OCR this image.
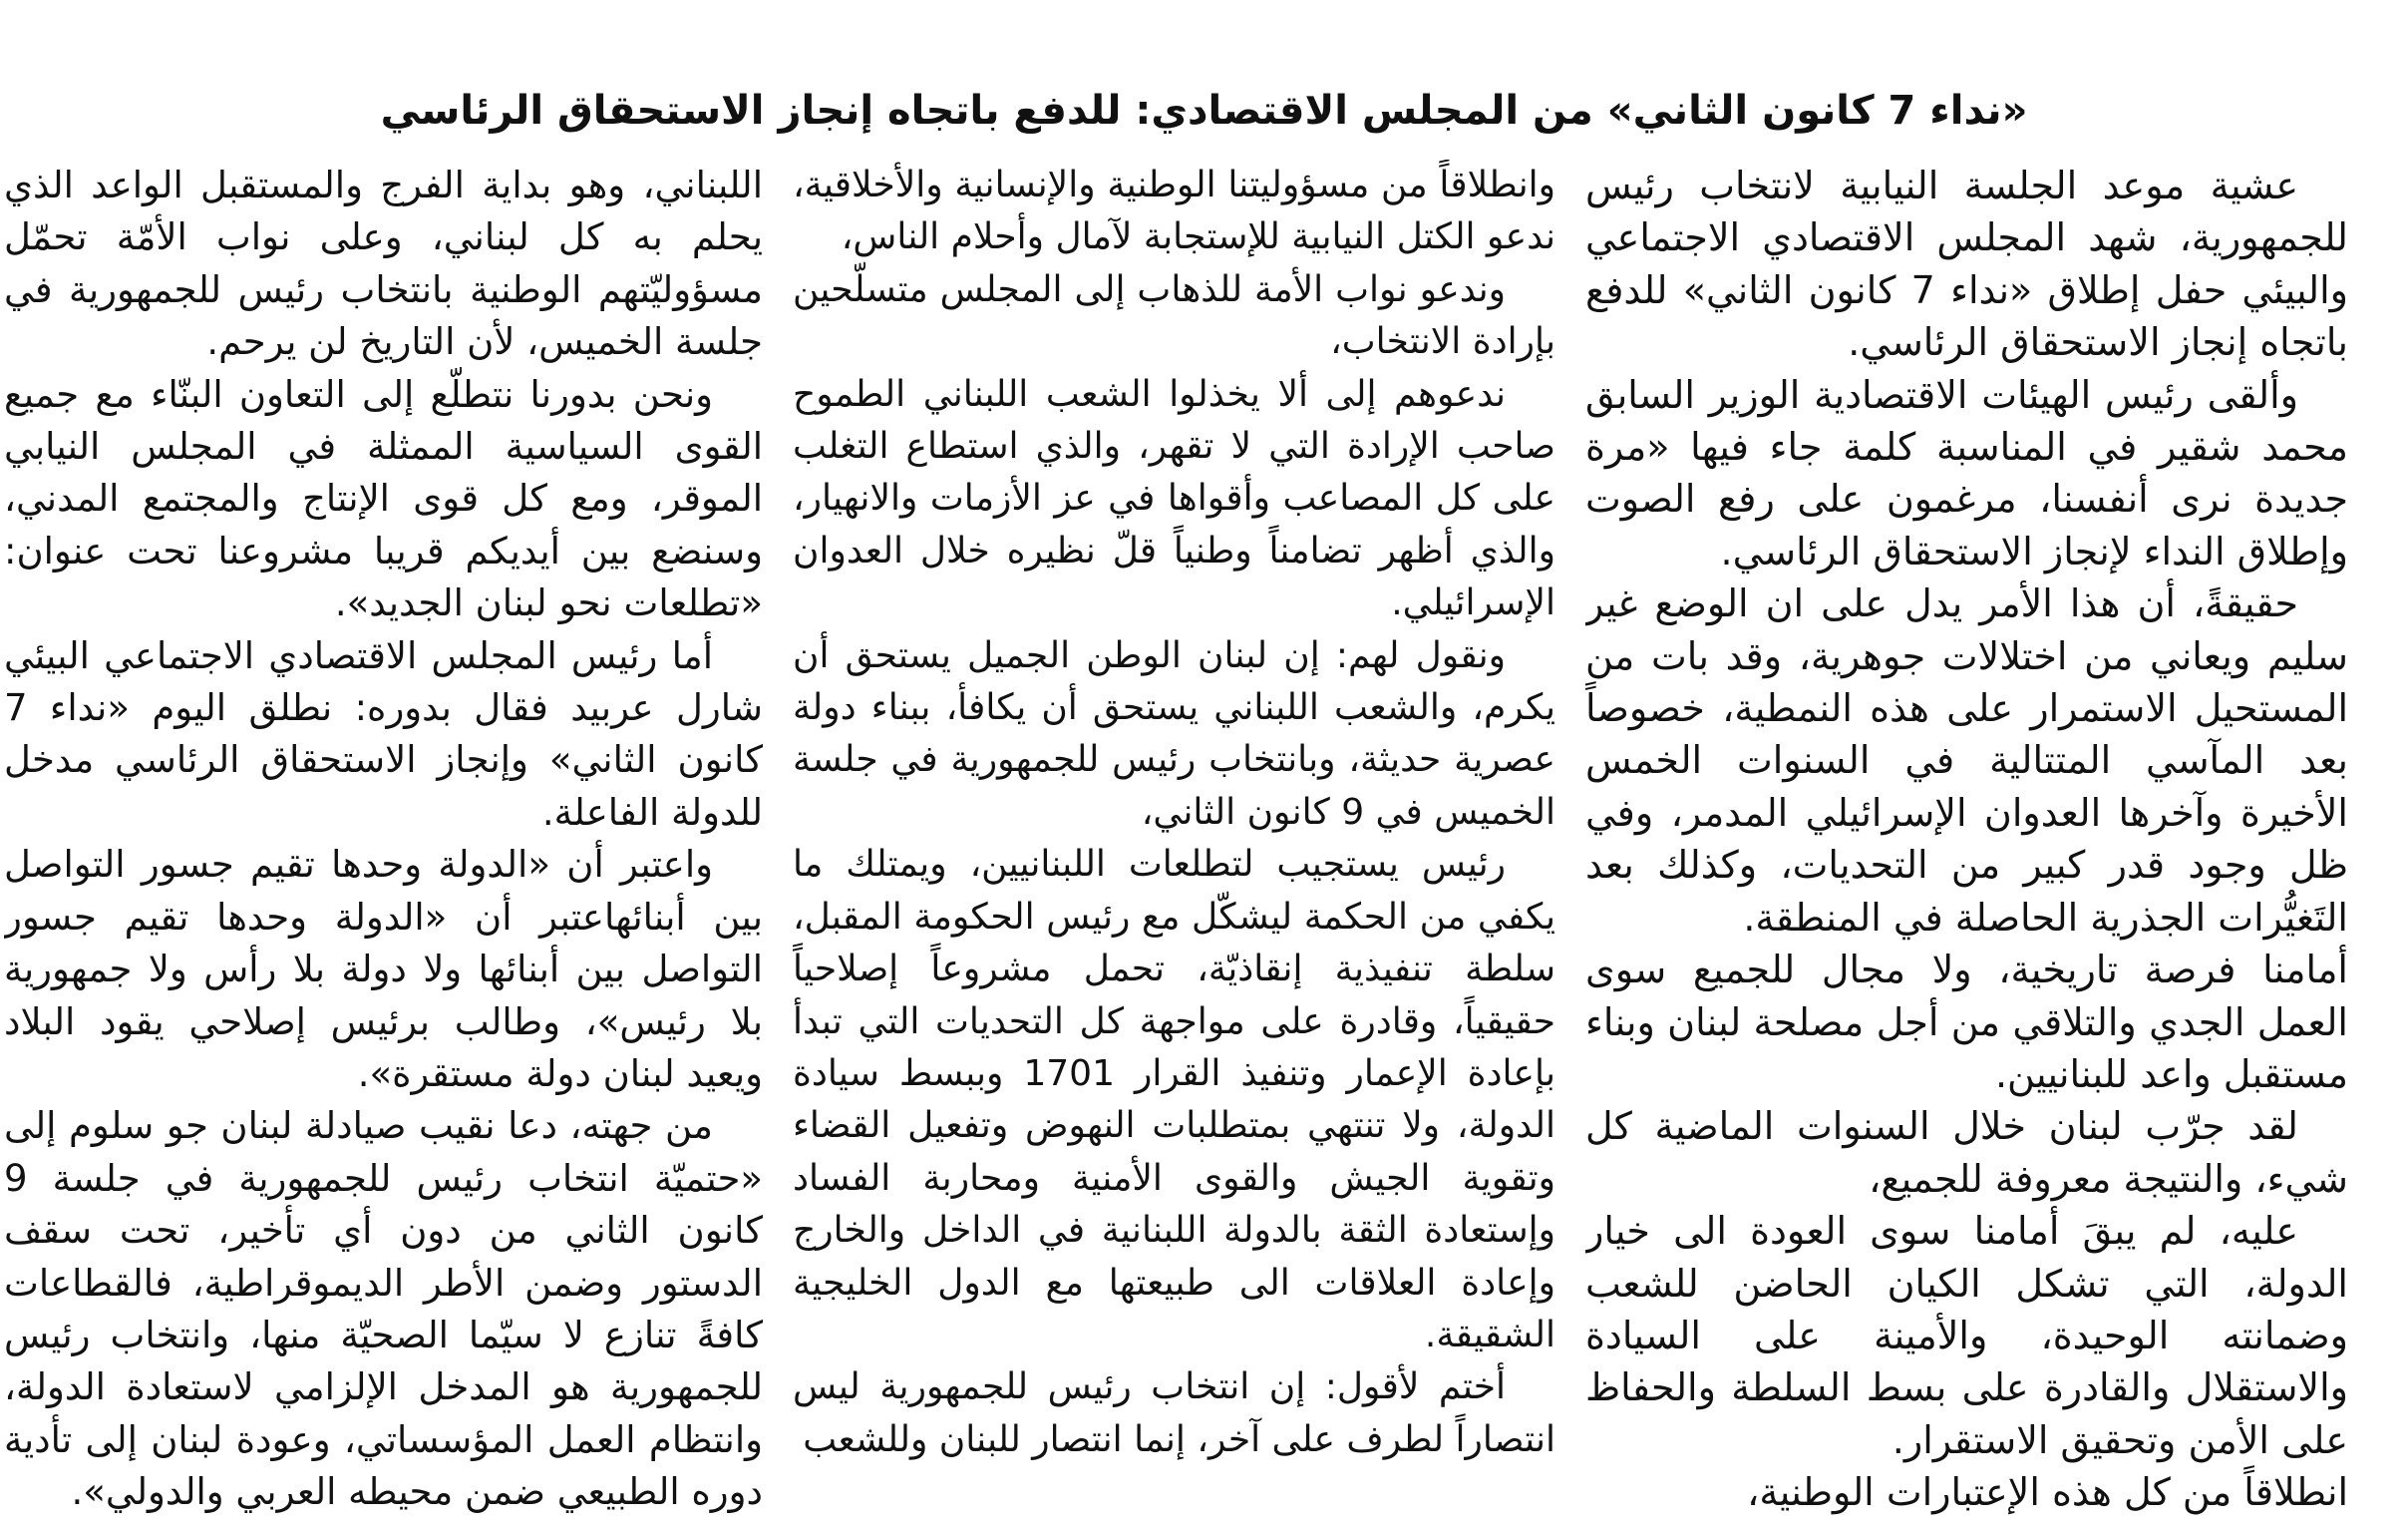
«نداء 7 كانون الثاني» من المجلس الاقتصادي: للدفع باتجاه إنجاز الاستحقاق الرئاسي

عشية موعد الجلسة النيابية لانتخاب رئيس للجمهورية، شهد المجلس الاقتصادي الاجتماعي والبيئي حفل إطلاق «نداء 7 كانون الثاني» للدفع باتجاه إنجاز الاستحقاق الرئاسي.

وألقى رئيس الهيئات الاقتصادية الوزير السابق محمد شقير في المناسبة كلمة جاء فيها «مرة جديدة نرى أنفسنا، مرغمون على رفع الصوت وإطلاق النداء لإنجاز الاستحقاق الرئاسي.

حقيقةً، أن هذا الأمر يدل على ان الوضع غير سليم ويعاني من اختلالات جوهرية، وقد بات من المستحيل الاستمرار على هذه النمطية، خصوصاً بعد المآسي المتتالية في السنوات الخمس الأخيرة وآخرها العدوان الإسرائيلي المدمر، وفي ظل وجود قدر كبير من التحديات، وكذلك بعد التَغيُّرات الجذرية الحاصلة في المنطقة.

أمامنا فرصة تاريخية، ولا مجال للجميع سوى العمل الجدي والتلاقي من أجل مصلحة لبنان وبناء مستقبل واعد للبنانيين.

لقد جرّب لبنان خلال السنوات الماضية كل شيء، والنتيجة معروفة للجميع،

عليه، لم يبقَ أمامنا سوى العودة الى خيار الدولة، التي تشكل الكيان الحاضن للشعب وضمانته الوحيدة، والأمينة على السيادة والاستقلال والقادرة على بسط السلطة والحفاظ على الأمن وتحقيق الاستقرار.

انطلاقاً من كل هذه الإعتبارات الوطنية،

وانطلاقاً من مسؤوليتنا الوطنية والإنسانية والأخلاقية، ندعو الكتل النيابية للإستجابة لآمال وأحلام الناس،

وندعو نواب الأمة للذهاب إلى المجلس متسلّحين بإرادة الانتخاب،

ندعوهم إلى ألا يخذلوا الشعب اللبناني الطموح صاحب الإرادة التي لا تقهر، والذي استطاع التغلب على كل المصاعب وأقواها في عز الأزمات والانهيار، والذي أظهر تضامناً وطنياً قلّ نظيره خلال العدوان الإسرائيلي.

ونقول لهم: إن لبنان الوطن الجميل يستحق أن يكرم، والشعب اللبناني يستحق أن يكافأ، ببناء دولة عصرية حديثة، وبانتخاب رئيس للجمهورية في جلسة الخميس في 9 كانون الثاني،

رئيس يستجيب لتطلعات اللبنانيين، ويمتلك ما يكفي من الحكمة ليشكّل مع رئيس الحكومة المقبل، سلطة تنفيذية إنقاذيّة، تحمل مشروعاً إصلاحياً حقيقياً، وقادرة على مواجهة كل التحديات التي تبدأ بإعادة الإعمار وتنفيذ القرار 1701 وببسط سيادة الدولة، ولا تنتهي بمتطلبات النهوض وتفعيل القضاء وتقوية الجيش والقوى الأمنية ومحاربة الفساد وإستعادة الثقة بالدولة اللبنانية في الداخل والخارج وإعادة العلاقات الى طبيعتها مع الدول الخليجية الشقيقة.

أختم لأقول: إن انتخاب رئيس للجمهورية ليس انتصاراً لطرف على آخر، إنما انتصار للبنان وللشعب

اللبناني، وهو بداية الفرج والمستقبل الواعد الذي يحلم به كل لبناني، وعلى نواب الأمّة تحمّل مسؤوليّتهم الوطنية بانتخاب رئيس للجمهورية في جلسة الخميس، لأن التاريخ لن يرحم.

ونحن بدورنا نتطلّع إلى التعاون البنّاء مع جميع القوى السياسية الممثلة في المجلس النيابي الموقر، ومع كل قوى الإنتاج والمجتمع المدني، وسنضع بين أيديكم قريبا مشروعنا تحت عنوان: «تطلعات نحو لبنان الجديد».

أما رئيس المجلس الاقتصادي الاجتماعي البيئي شارل عربيد فقال بدوره: نطلق اليوم «نداء 7 كانون الثاني» وإنجاز الاستحقاق الرئاسي مدخل للدولة الفاعلة.

واعتبر أن «الدولة وحدها تقيم جسور التواصل بين أبنائهاعتبر أن «الدولة وحدها تقيم جسور التواصل بين أبنائها ولا دولة بلا رأس ولا جمهورية بلا رئيس»، وطالب برئيس إصلاحي يقود البلاد ويعيد لبنان دولة مستقرة».

من جهته، دعا نقيب صيادلة لبنان جو سلوم إلى «حتميّة انتخاب رئيس للجمهورية في جلسة 9 كانون الثاني من دون أي تأخير، تحت سقف الدستور وضمن الأطر الديموقراطية، فالقطاعات كافةً تنازع لا سيّما الصحيّة منها، وانتخاب رئيس للجمهورية هو المدخل الإلزامي لاستعادة الدولة، وانتظام العمل المؤسساتي، وعودة لبنان إلى تأدية دوره الطبيعي ضمن محيطه العربي والدولي».
